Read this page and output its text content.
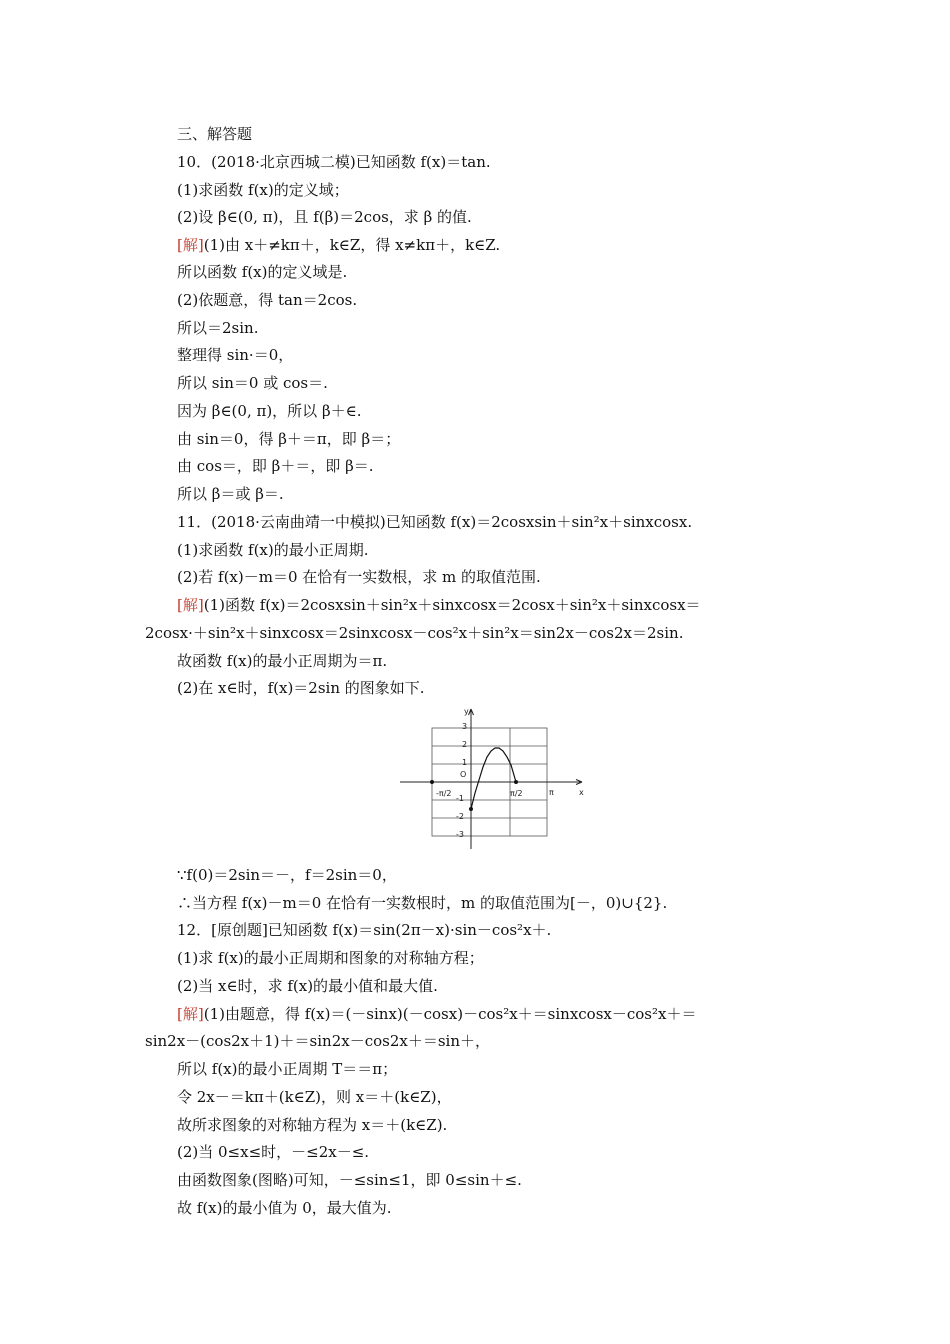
三、解答题
10．(2018·北京西城二模)已知函数 f(x)＝tan.
(1)求函数 f(x)的定义域；
(2)设 β∈(0, π)，且 f(β)＝2cos，求 β 的值.
[解](1)由 x＋≠kπ＋，k∈Z，得 x≠kπ＋，k∈Z.
所以函数 f(x)的定义域是.
(2)依题意，得 tan＝2cos.
所以＝2sin.
整理得 sin·＝0，
所以 sin＝0 或 cos＝.
因为 β∈(0, π)，所以 β＋∈.
由 sin＝0，得 β＋＝π，即 β＝；
由 cos＝，即 β＋＝，即 β＝.
所以 β＝或 β＝.
11．(2018·云南曲靖一中模拟)已知函数 f(x)＝2cosxsin＋sin²x＋sinxcosx.
(1)求函数 f(x)的最小正周期.
(2)若 f(x)－m＝0 在恰有一实数根，求 m 的取值范围.
[解](1)函数 f(x)＝2cosxsin＋sin²x＋sinxcosx＝2cosx＋sin²x＋sinxcosx＝
2cosx·＋sin²x＋sinxcosx＝2sinxcosx－cos²x＋sin²x＝sin2x－cos2x＝2sin.
故函数 f(x)的最小正周期为＝π.
(2)在 x∈时，f(x)＝2sin 的图象如下.
y
x
O
3
2
1
-1
-2
-3
-π/2	π/2	π
∵f(0)＝2sin＝－，f＝2sin＝0，
∴当方程 f(x)－m＝0 在恰有一实数根时，m 的取值范围为[－，0)∪{2}.
12．[原创题]已知函数 f(x)＝sin(2π－x)·sin－cos²x＋.
(1)求 f(x)的最小正周期和图象的对称轴方程；
(2)当 x∈时，求 f(x)的最小值和最大值.
[解](1)由题意，得 f(x)＝(－sinx)(－cosx)－cos²x＋＝sinxcosx－cos²x＋＝
sin2x－(cos2x＋1)＋＝sin2x－cos2x＋＝sin＋，
所以 f(x)的最小正周期 T＝＝π；
令 2x－＝kπ＋(k∈Z)，则 x＝＋(k∈Z)，
故所求图象的对称轴方程为 x＝＋(k∈Z).
(2)当 0≤x≤时，－≤2x－≤.
由函数图象(图略)可知，－≤sin≤1，即 0≤sin＋≤.
故 f(x)的最小值为 0，最大值为.
